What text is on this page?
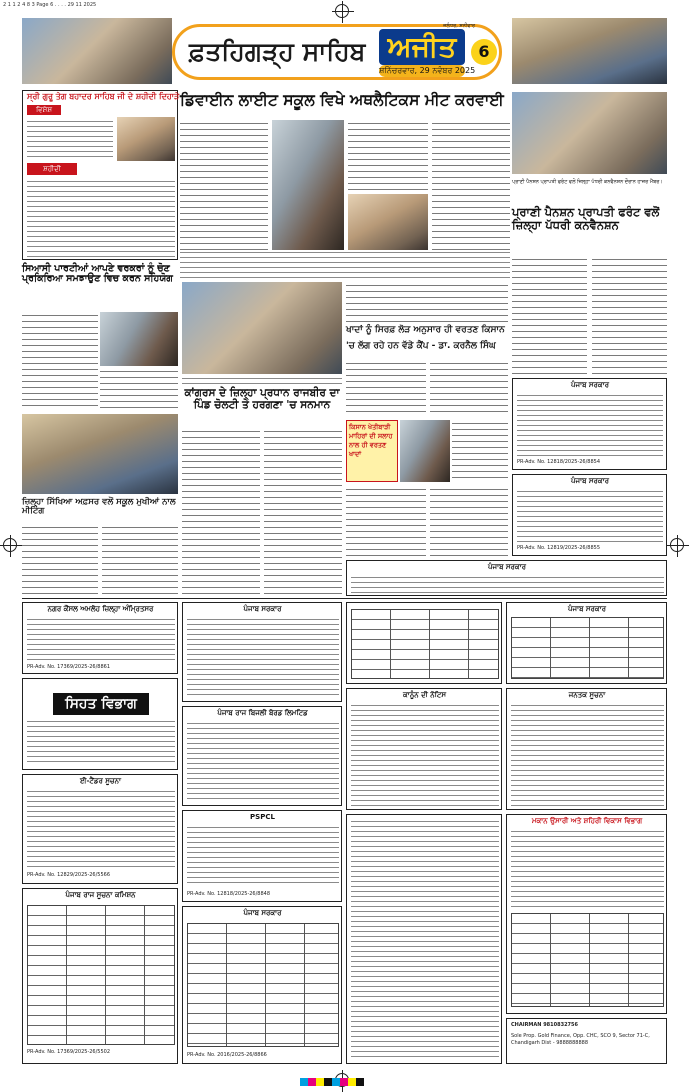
2 1 1 2 4 8 3 Page 6 . . . . 29 11 2025
ਫ਼ਤਹਿਗੜ੍ਹ ਸਾਹਿਬ ਅਜੀਤ
ਸ਼ਨਿੱਚਰਵਾਰ, 29 ਨਵੰਬਰ 2025
ਜਲੰਧਰ, ਸ਼ਨੀਵਾਰ
6
ਸ੍ਰੀ ਗੁਰੂ ਤੇਗ ਬਹਾਦਰ ਸਾਹਿਬ ਜੀ ਦੇ ਸ਼ਹੀਦੀ ਦਿਹਾੜੇ
ਵਿਸ਼ੇਸ਼
ਸ਼ਹੀਦੀ
ਡਿਵਾਈਨ ਲਾਈਟ ਸਕੂਲ ਵਿਖੇ ਅਥਲੈਟਿਕਸ ਮੀਟ ਕਰਵਾਈ
ਪ੍ਰਾਣੀ ਪੈਨਸ਼ਨ ਪ੍ਰਾਪਤੀ ਫਰੰਟ ਵਲੋਂ ਜ਼ਿਲ੍ਹਾ ਪੱਧਰੀ ਕਨਵੈਨਸ਼ਨ ਦੌਰਾਨ ਹਾਜ਼ਰ ਮੈਂਬਰ।
ਪ੍ਰਾਣੀ ਪੈਨਸ਼ਨ ਪ੍ਰਾਪਤੀ ਫਰੰਟ ਵਲੋਂ ਜ਼ਿਲ੍ਹਾ ਪੱਧਰੀ ਕਨਵੈਨਸ਼ਨ
ਸਿਆਸੀ ਪਾਰਟੀਆਂ ਆਪਣੇ ਵਰਕਰਾਂ ਨੂੰ ਚੋਣ ਪ੍ਰਕਿਰਿਆ ਸਮਝਾਉਣ ਵਿਚ ਕਰਨ ਸਹਿਯੋਗ
ਜ਼ਿਲ੍ਹਾ ਸਿੱਖਿਆ ਅਫ਼ਸਰ ਵਲੋਂ ਸਕੂਲ ਮੁਖੀਆਂ ਨਾਲ ਮੀਟਿੰਗ
ਕਾਂਗਰਸ ਦੇ ਜ਼ਿਲ੍ਹਾ ਪ੍ਰਧਾਨ ਰਾਜਬੀਰ ਦਾ ਪਿੰਡ ਚੋਲਟੀ ਤੇ ਹਰਗਣਾ 'ਚ ਸਨਮਾਨ
ਖਾਦਾਂ ਨੂੰ ਸਿਰਫ਼ ਲੋੜ ਅਨੁਸਾਰ ਹੀ ਵਰਤਣ ਕਿਸਾਨ
'ਚ ਲੱਗ ਰਹੇ ਹਨ ਵੱਡੇ ਕੈਂਪ - ਡਾ. ਕਰਨੈਲ ਸਿੰਘ
ਕਿਸਾਨ ਖੇਤੀਬਾੜੀ ਮਾਹਿਰਾਂ ਦੀ ਸਲਾਹ ਨਾਲ ਹੀ ਵਰਤਣ ਖਾਦਾਂ
ਪੰਜਾਬ ਸਰਕਾਰ
PR-Adv. No. 12818/2025-26/8854
ਪੰਜਾਬ ਸਰਕਾਰ
PR-Adv. No. 12819/2025-26/8855
ਪੰਜਾਬ ਸਰਕਾਰ
ਨਗਰ ਕੌਂਸਲ ਅਮਲੋਹ ਜ਼ਿਲ੍ਹਾ ਅੰਮ੍ਰਿਤਸਰ
PR-Adv. No. 17369/2025-26/8861
ਸਿਹਤ ਵਿਭਾਗ
ਈ-ਟੈਂਡਰ ਸੂਚਨਾ
PR-Adv. No. 12829/2025-26/5566
ਪੰਜਾਬ ਰਾਜ ਸੂਚਨਾ ਕਮਿਸ਼ਨ
PR-Adv. No. 17369/2025-26/5502
ਪੰਜਾਬ ਸਰਕਾਰ
ਪੰਜਾਬ ਰਾਜ ਬਿਜਲੀ ਬੋਰਡ ਲਿਮਟਿਡ
PSPCL
PR-Adv. No. 12818/2025-26/8848
ਪੰਜਾਬ ਸਰਕਾਰ
PR-Adv. No. 2016/2025-26/8866
ਕਾਨੂੰਨ ਦੀ ਨੋਟਿਸ
ਪੰਜਾਬ ਸਰਕਾਰ
ਜਨਤਕ ਸੂਚਨਾ
ਮਕਾਨ ਉਸਾਰੀ ਅਤੇ ਸ਼ਹਿਰੀ ਵਿਕਾਸ ਵਿਭਾਗ
CHAIRMAN 9810832756
Sole Prop. Gold Finance, Opp. CHC, SCO 9, Sector 71-C, Chandigarh Dist - 9888888888
